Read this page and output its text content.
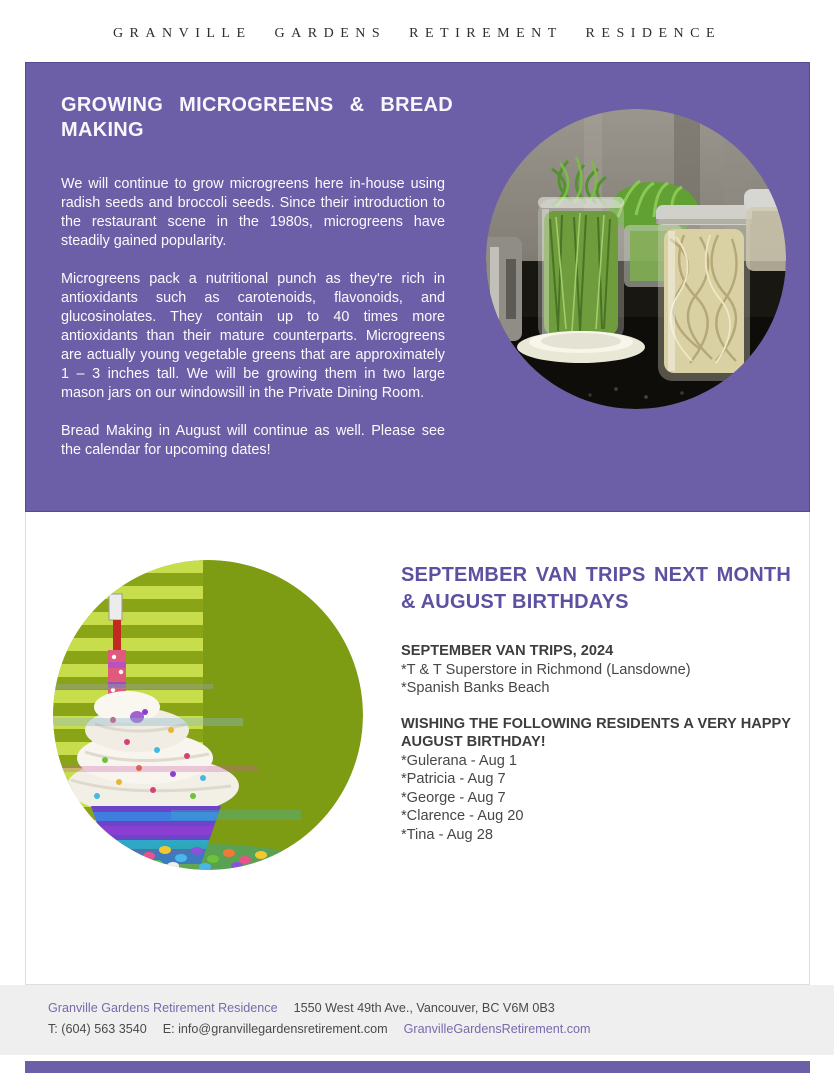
GRANVILLE GARDENS RETIREMENT RESIDENCE
GROWING MICROGREENS & BREAD MAKING

We will continue to grow microgreens here in-house using radish seeds and broccoli seeds. Since their introduction to the restaurant scene in the 1980s, microgreens have steadily gained popularity.

Microgreens pack a nutritional punch as they're rich in antioxidants such as carotenoids, flavonoids, and glucosinolates. They contain up to 40 times more antioxidants than their mature counterparts. Microgreens are actually young vegetable greens that are approximately 1 – 3 inches tall. We will be growing them in two large mason jars on our windowsill in the Private Dining Room.

Bread Making in August will continue as well. Please see the calendar for upcoming dates!

SEPTEMBER VAN TRIPS NEXT MONTH & AUGUST BIRTHDAYS
SEPTEMBER VAN TRIPS, 2024
*T & T Superstore in Richmond (Lansdowne)
*Spanish Banks Beach
WISHING THE FOLLOWING RESIDENTS A VERY HAPPY AUGUST BIRTHDAY!
*Gulerana - Aug 1
*Patricia - Aug 7
*George - Aug 7
*Clarence - Aug 20
*Tina - Aug 28
Granville Gardens Retirement Residence 1550 West 49th Ave., Vancouver, BC V6M 0B3
T: (604) 563 3540 E: info@granvillegardensretirement.com GranvilleGardensRetirement.com
